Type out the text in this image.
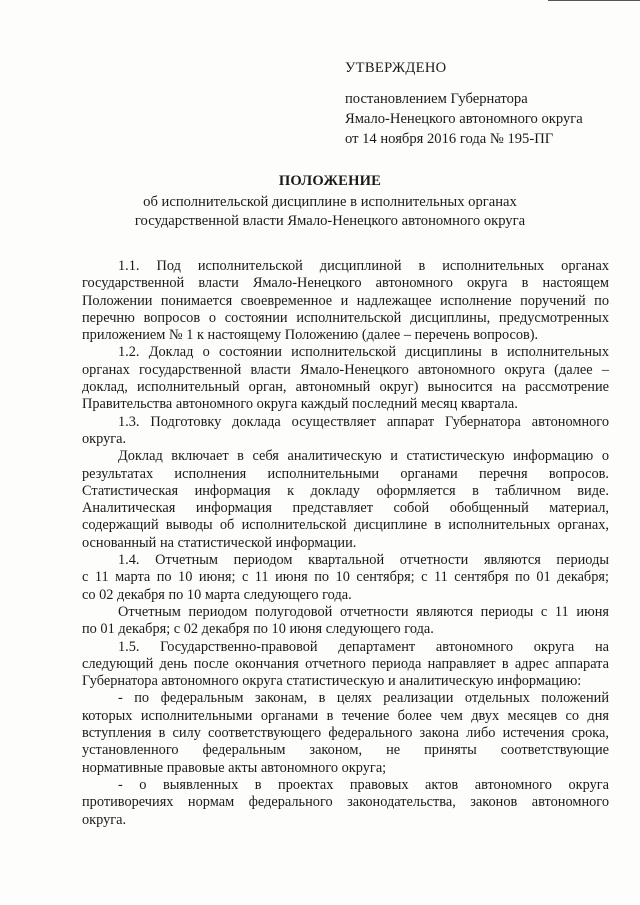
УТВЕРЖДЕНО
постановлением Губернатора
Ямало-Ненецкого автономного округа
от 14 ноября 2016 года № 195-ПГ
ПОЛОЖЕНИЕ
об исполнительской дисциплине в исполнительных органах
государственной власти Ямало-Ненецкого автономного округа

1.1. Под исполнительской дисциплиной в исполнительных органах
государственной власти Ямало-Ненецкого автономного округа в настоящем
Положении понимается своевременное и надлежащее исполнение поручений по
перечню вопросов о состоянии исполнительской дисциплины, предусмотренных
приложением № 1 к настоящему Положению (далее – перечень вопросов).

1.2. Доклад о состоянии исполнительской дисциплины в исполнительных
органах государственной власти Ямало-Ненецкого автономного округа (далее –
доклад, исполнительный орган, автономный округ) выносится на рассмотрение
Правительства автономного округа каждый последний месяц квартала.

1.3. Подготовку доклада осуществляет аппарат Губернатора автономного
округа.

Доклад включает в себя аналитическую и статистическую информацию о
результатах исполнения исполнительными органами перечня вопросов.
Статистическая информация к докладу оформляется в табличном виде.
Аналитическая информация представляет собой обобщенный материал,
содержащий выводы об исполнительской дисциплине в исполнительных органах,
основанный на статистической информации.

1.4. Отчетным периодом квартальной отчетности являются периоды
с 11 марта по 10 июня; с 11 июня по 10 сентября; с 11 сентября по 01 декабря;
со 02 декабря по 10 марта следующего года.

Отчетным периодом полугодовой отчетности являются периоды с 11 июня
по 01 декабря; с 02 декабря по 10 июня следующего года.

1.5. Государственно-правовой департамент автономного округа на
следующий день после окончания отчетного периода направляет в адрес аппарата
Губернатора автономного округа статистическую и аналитическую информацию:

- по федеральным законам, в целях реализации отдельных положений
которых исполнительными органами в течение более чем двух месяцев со дня
вступления в силу соответствующего федерального закона либо истечения срока,
установленного федеральным законом, не приняты соответствующие
нормативные правовые акты автономного округа;

- о выявленных в проектах правовых актов автономного округа
противоречиях нормам федерального законодательства, законов автономного
округа.
